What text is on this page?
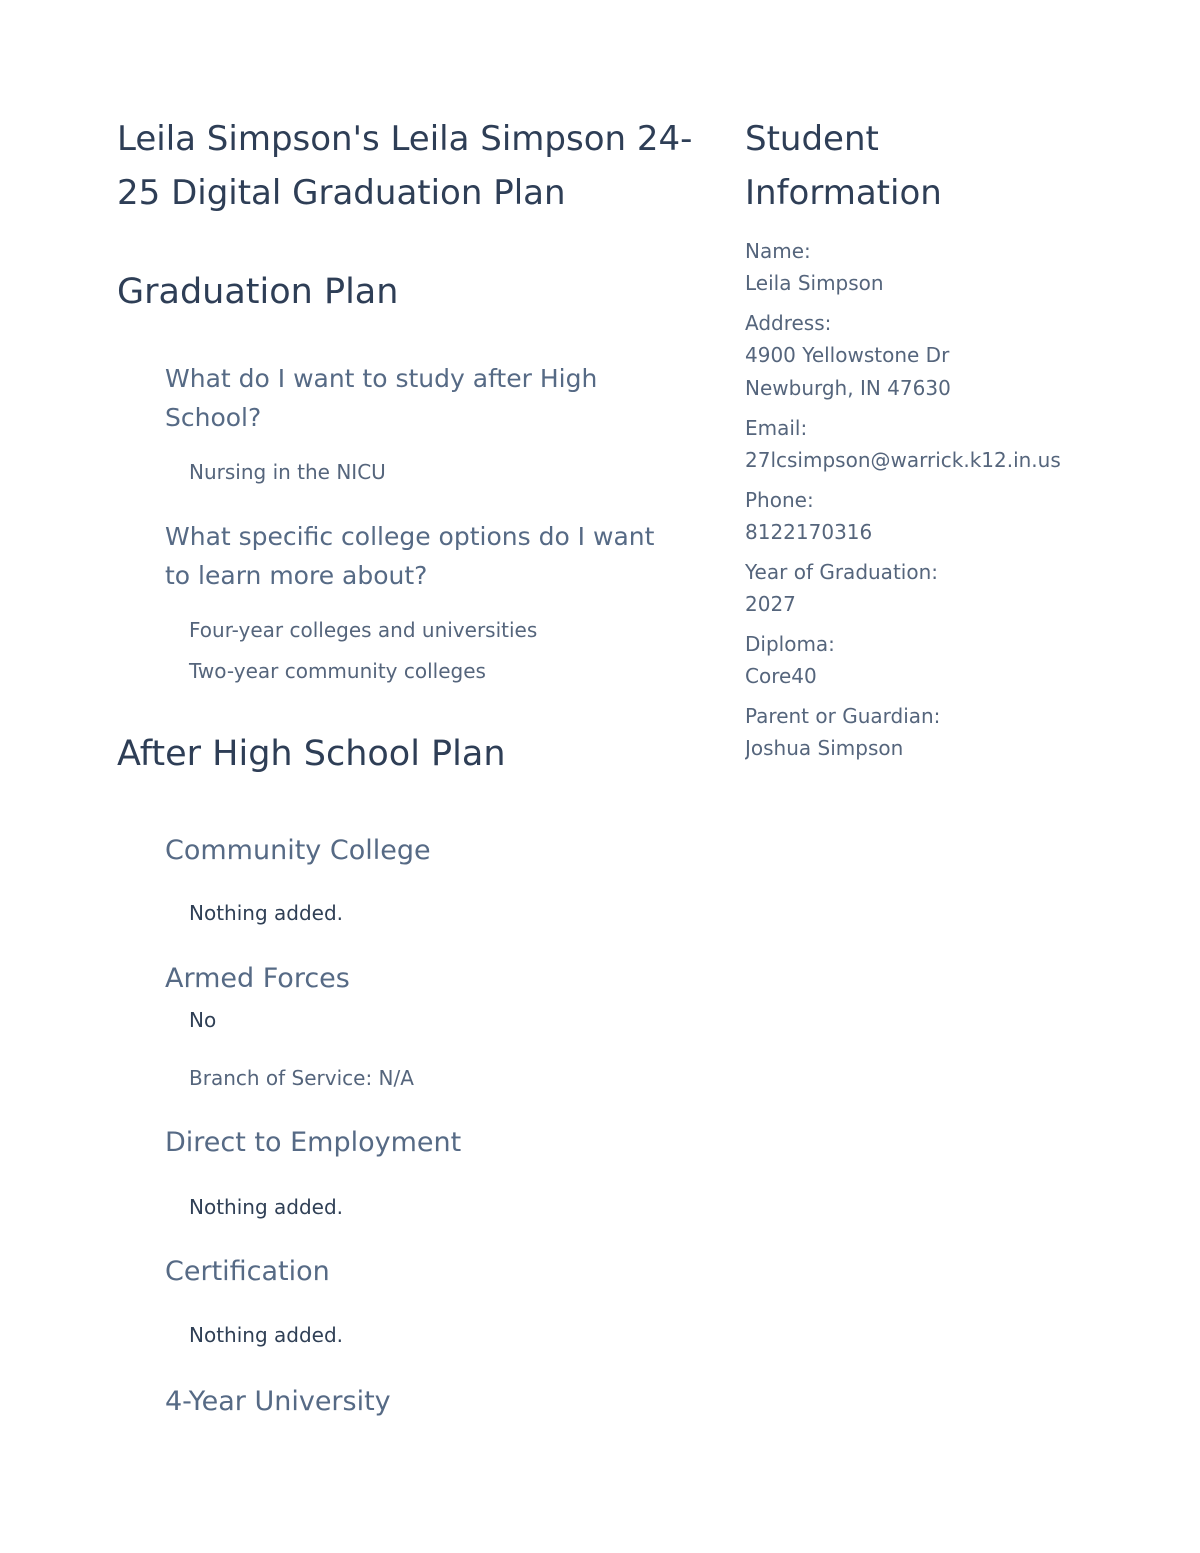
Leila Simpson's Leila Simpson 24-25 Digital Graduation Plan
Graduation Plan
What do I want to study after High School?
Nursing in the NICU
What specific college options do I want to learn more about?
Four-year colleges and universities
Two-year community colleges
After High School Plan
Community College
Nothing added.
Armed Forces
No
Branch of Service: N/A
Direct to Employment
Nothing added.
Certification
Nothing added.
4-Year University
Student Information
Name:
Leila Simpson
Address:
4900 Yellowstone Dr
Newburgh, IN 47630
Email:
27lcsimpson@warrick.k12.in.us
Phone:
8122170316
Year of Graduation:
2027
Diploma:
Core40
Parent or Guardian:
Joshua Simpson
